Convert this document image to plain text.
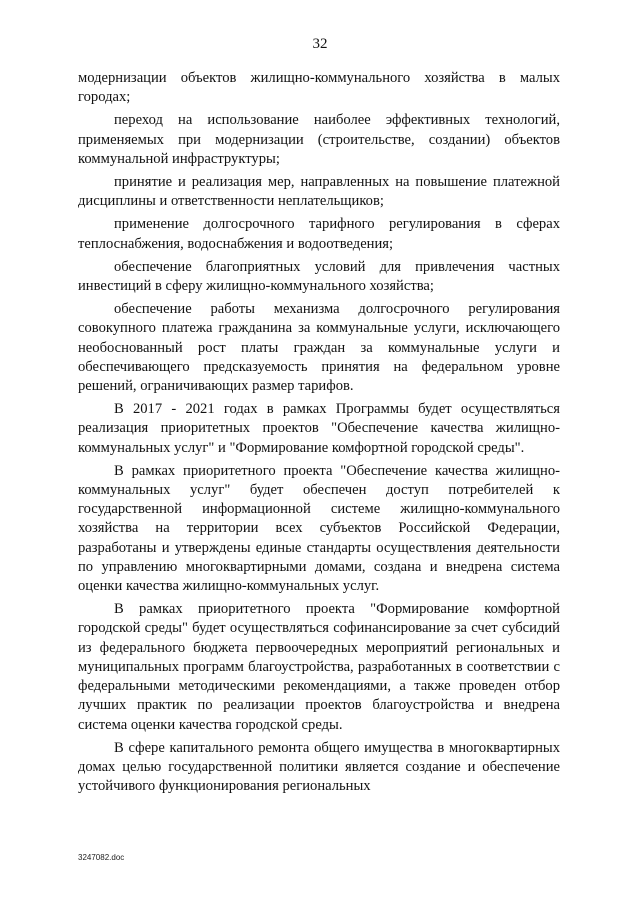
32

модернизации объектов жилищно-коммунального хозяйства в малых городах;

переход на использование наиболее эффективных технологий, применяемых при модернизации (строительстве, создании) объектов коммунальной инфраструктуры;

принятие и реализация мер, направленных на повышение платежной дисциплины и ответственности неплательщиков;

применение долгосрочного тарифного регулирования в сферах теплоснабжения, водоснабжения и водоотведения;

обеспечение благоприятных условий для привлечения частных инвестиций в сферу жилищно-коммунального хозяйства;

обеспечение работы механизма долгосрочного регулирования совокупного платежа гражданина за коммунальные услуги, исключающего необоснованный рост платы граждан за коммунальные услуги и обеспечивающего предсказуемость принятия на федеральном уровне решений, ограничивающих размер тарифов.

В 2017 - 2021 годах в рамках Программы будет осуществляться реализация приоритетных проектов "Обеспечение качества жилищно-коммунальных услуг" и "Формирование комфортной городской среды".

В рамках приоритетного проекта "Обеспечение качества жилищно-коммунальных услуг" будет обеспечен доступ потребителей к государственной информационной системе жилищно-коммунального хозяйства на территории всех субъектов Российской Федерации, разработаны и утверждены единые стандарты осуществления деятельности по управлению многоквартирными домами, создана и внедрена система оценки качества жилищно-коммунальных услуг.

В рамках приоритетного проекта "Формирование комфортной городской среды" будет осуществляться софинансирование за счет субсидий из федерального бюджета первоочередных мероприятий региональных и муниципальных программ благоустройства, разработанных в соответствии с федеральными методическими рекомендациями, а также проведен отбор лучших практик по реализации проектов благоустройства и внедрена система оценки качества городской среды.

В сфере капитального ремонта общего имущества в многоквартирных домах целью государственной политики является создание и обеспечение устойчивого функционирования региональных

3247082.doc
